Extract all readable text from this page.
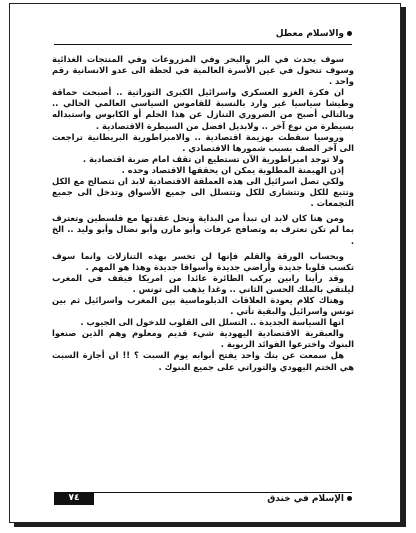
والاسلام معطل

سوف يحدث في البر والبحر وفي المزروعات وفي المنتجات الغذائية وسوف تتحول في عين الأسرة العالمية في لحظة الى عدو الانسانية رقم واحد .

ان فكرة الغزو العسكري واسرائيل الكبرى التوراتية .. أصبحت حماقة وطيشا سياسيا غير وارد بالنسبة للقاموس السياسي العالمي الحالي .. وبالتالي أصبح من الضروري التنازل عن هذا الحلم أو الكابوس واستبداله بسيطرة من نوع آخر .. ولابديل افضل من السيطرة الاقتصادية .

وروسيا سقطت بهزيمة اقتصادية .. والامبراطورية البريطانية تراجعت الى آخر الصف بسبب شمورها الاقتصادي .

ولا توجد امبراطورية الآن تستطيع ان تقف امام ضربة اقتصادية .

إذن الهيمنة المطلوبة يمكن ان يحققها الاقتصاد وحده .

ولكي تصل اسرائيل الى هذه العملقة الاقتصادية لابد ان تتصالح مع الكل وتتبع للكل وتتشارى للكل وتتسلل الى جميع الأسواق وتدخل الى جميع التجمعات .

ومن هنا كان لابد ان تبدأ من البداية وتحل عقدتها مع فلسطين وتعترف بما لم تكن تعترف به وتصافح عرفات وأبو مازن وأبو نضال وأبو وليد .. الخ .

وبحساب الورقة والقلم فإنها لن تخسر بهذه التنازلات وانما سوف تكسب قلوبا جديدة وأراضي جديدة وأسواقا جديدة وهذا هو المهم .

وقد رأينا رابين يركب الطائرة عائدا من امريكا فيقف في المغرب ليلتقي بالملك الحسن الثاني .. وغدا يذهب الى تونس .

وهناك كلام يعودة العلاقات الدبلوماسية بين المغرب واسرائيل ثم بين تونس واسرائيل والبقية تأتي .

انها السياسة الجديدة .. التسلل الى القلوب للدخول الى الجيوب .

والعبقرية الاقتصادية اليهودية شيء قديم ومعلوم وهم الذين صنعوا البنوك واخترعوا الفوائد الربوية .

هل سمعت عن بنك واحد يفتح أبوابه يوم السبت ؟ !! ان أجازة السبت هي الختم اليهودي والتوراتي على جميع البنوك .

٧٤	الإسلام في خندق
